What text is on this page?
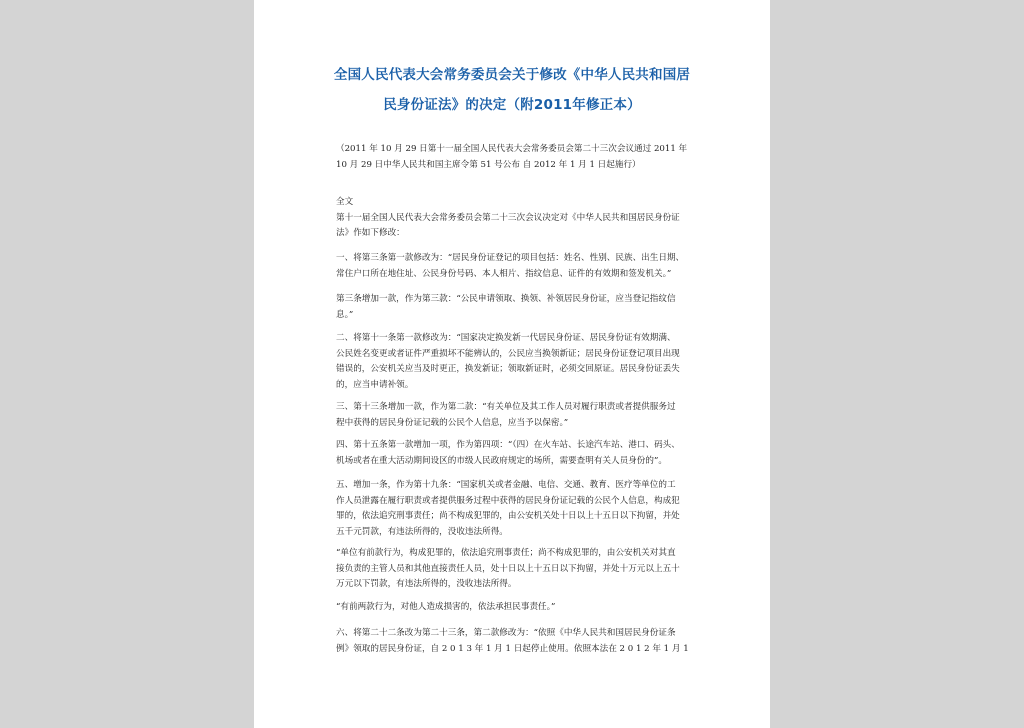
全国人民代表大会常务委员会关于修改《中华人民共和国居
民身份证法》的决定（附2011年修正本）
（2011 年 10 月 29 日第十一届全国人民代表大会常务委员会第二十三次会议通过 2011 年
10 月 29 日中华人民共和国主席令第 51 号公布 自 2012 年 1 月 1 日起施行）
全文
第十一届全国人民代表大会常务委员会第二十三次会议决定对《中华人民共和国居民身份证
法》作如下修改：
一、将第三条第一款修改为：“居民身份证登记的项目包括：姓名、性别、民族、出生日期、
常住户口所在地住址、公民身份号码、本人相片、指纹信息、证件的有效期和签发机关。”
第三条增加一款，作为第三款：“公民申请领取、换领、补领居民身份证，应当登记指纹信
息。”
二、将第十一条第一款修改为：“国家决定换发新一代居民身份证、居民身份证有效期满、
公民姓名变更或者证件严重损坏不能辨认的，公民应当换领新证；居民身份证登记项目出现
错误的，公安机关应当及时更正，换发新证；领取新证时，必须交回原证。居民身份证丢失
的，应当申请补领。
三、第十三条增加一款，作为第二款：“有关单位及其工作人员对履行职责或者提供服务过
程中获得的居民身份证记载的公民个人信息，应当予以保密。”
四、第十五条第一款增加一项，作为第四项：“（四）在火车站、长途汽车站、港口、码头、
机场或者在重大活动期间设区的市级人民政府规定的场所，需要查明有关人员身份的”。
五、增加一条，作为第十九条：“国家机关或者金融、电信、交通、教育、医疗等单位的工
作人员泄露在履行职责或者提供服务过程中获得的居民身份证记载的公民个人信息，构成犯
罪的，依法追究刑事责任；尚不构成犯罪的，由公安机关处十日以上十五日以下拘留，并处
五千元罚款，有违法所得的，没收违法所得。
“单位有前款行为，构成犯罪的，依法追究刑事责任；尚不构成犯罪的，由公安机关对其直
接负责的主管人员和其他直接责任人员，处十日以上十五日以下拘留，并处十万元以上五十
万元以下罚款，有违法所得的，没收违法所得。
“有前两款行为，对他人造成损害的，依法承担民事责任。”
六、将第二十二条改为第二十三条，第二款修改为：“依照《中华人民共和国居民身份证条
例》领取的居民身份证，自 2 0 1 3 年 1 月 1 日起停止使用。依照本法在 2 0 1 2 年 1 月 1
